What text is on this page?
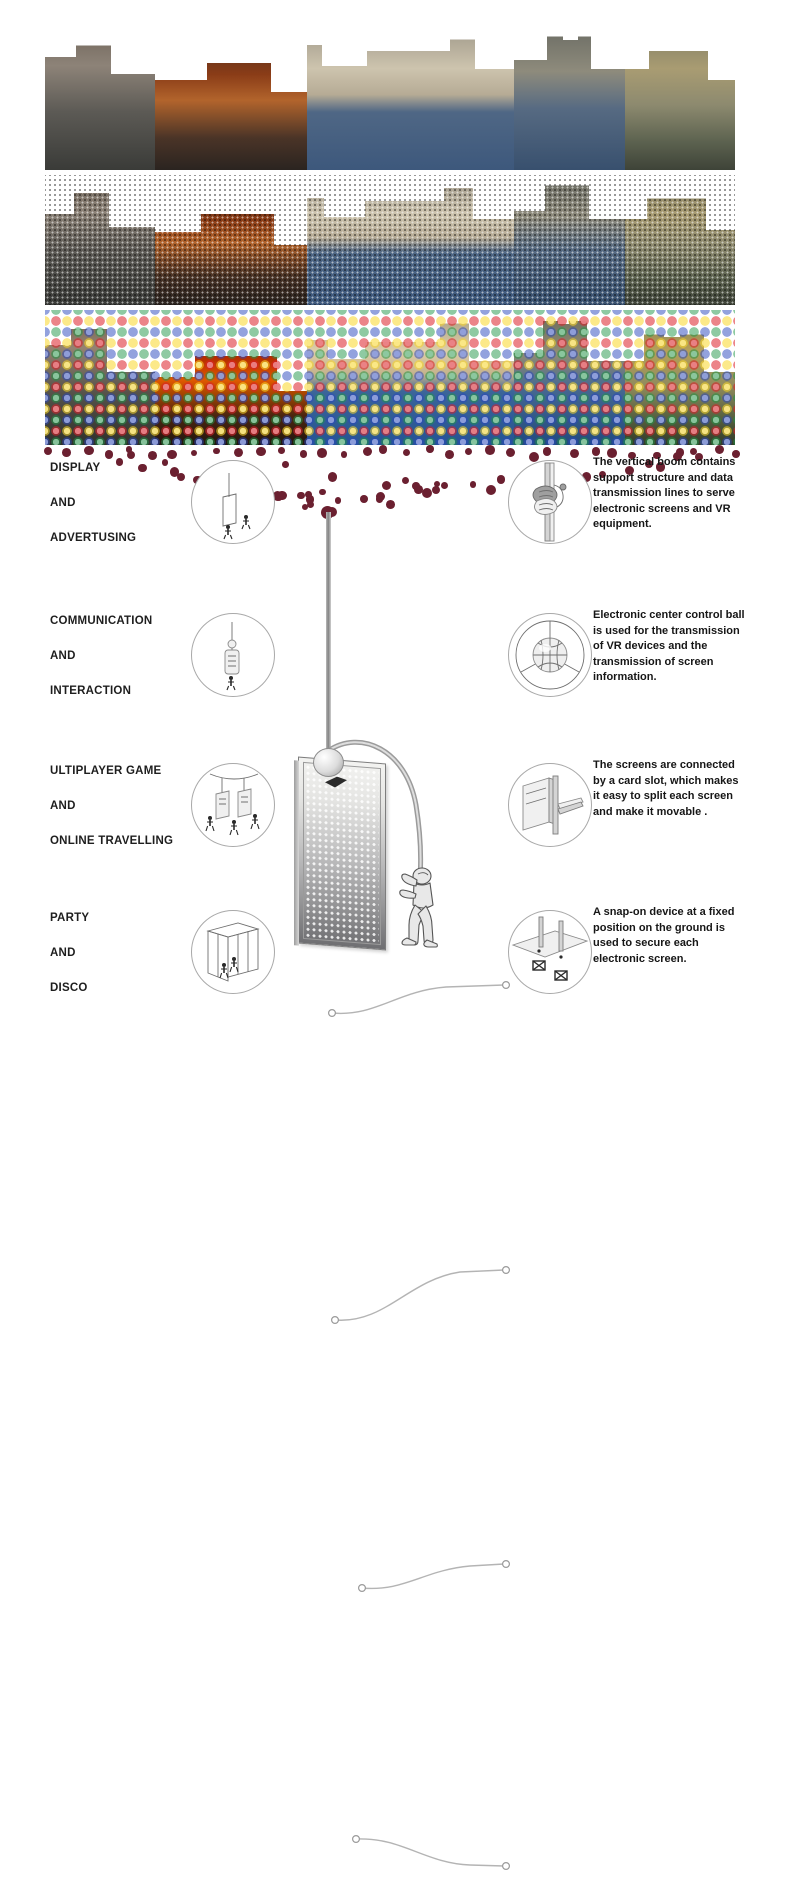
DISPLAY
AND
ADVERTUSING
The vertical boom contains support structure and data transmission lines to serve electronic screens and VR equipment.
COMMUNICATION
AND
INTERACTION
Electronic center control ball is used for the transmission of VR devices and the transmission of screen information.
ULTIPLAYER GAME
AND
ONLINE TRAVELLING
The screens are connected by a card slot, which makes it easy to split each screen and make it movable .
PARTY
AND
DISCO
A snap-on device at a fixed position on the ground is used to secure each electronic screen.
